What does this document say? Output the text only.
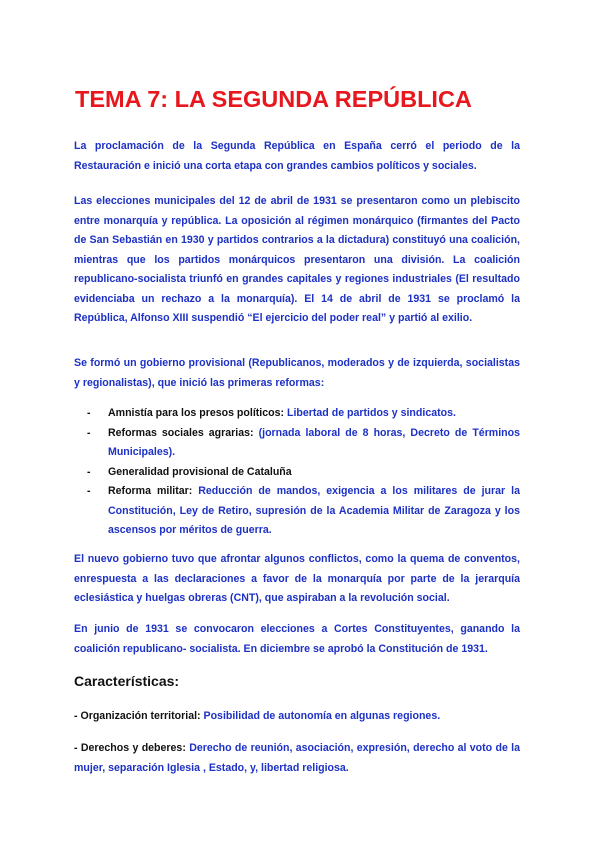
TEMA 7: LA SEGUNDA REPÚBLICA

La proclamación de la Segunda República en España cerró el periodo de la Restauración e inició una corta etapa con grandes cambios políticos y sociales.

Las elecciones municipales del 12 de abril de 1931 se presentaron como un plebiscito entre monarquía y república. La oposición al régimen monárquico (firmantes del Pacto de San Sebastián en 1930 y partidos contrarios a la dictadura) constituyó una coalición, mientras que los partidos monárquicos presentaron una división. La coalición republicano-socialista triunfó en grandes capitales y regiones industriales (El resultado evidenciaba un rechazo a la monarquía). El 14 de abril de 1931 se proclamó la República, Alfonso XIII suspendió “El ejercicio del poder real” y partió al exilio.

Se formó un gobierno provisional (Republicanos, moderados y de izquierda, socialistas y regionalistas), que inició las primeras reformas:

- Amnistía para los presos políticos: Libertad de partidos y sindicatos.
- Reformas sociales agrarias: (jornada laboral de 8 horas, Decreto de Términos Municipales).
- Generalidad provisional de Cataluña
- Reforma militar: Reducción de mandos, exigencia a los militares de jurar la Constitución, Ley de Retiro, supresión de la Academia Militar de Zaragoza y los ascensos por méritos de guerra.

El nuevo gobierno tuvo que afrontar algunos conflictos, como la quema de conventos, enrespuesta a las declaraciones a favor de la monarquía por parte de la jerarquía eclesiástica y huelgas obreras (CNT), que aspiraban a la revolución social.

En junio de 1931 se convocaron elecciones a Cortes Constituyentes, ganando la coalición republicano- socialista. En diciembre se aprobó la Constitución de 1931.

Características:

- Organización territorial: Posibilidad de autonomía en algunas regiones.

- Derechos y deberes: Derecho de reunión, asociación, expresión, derecho al voto de la mujer, separación Iglesia , Estado, y, libertad religiosa.
